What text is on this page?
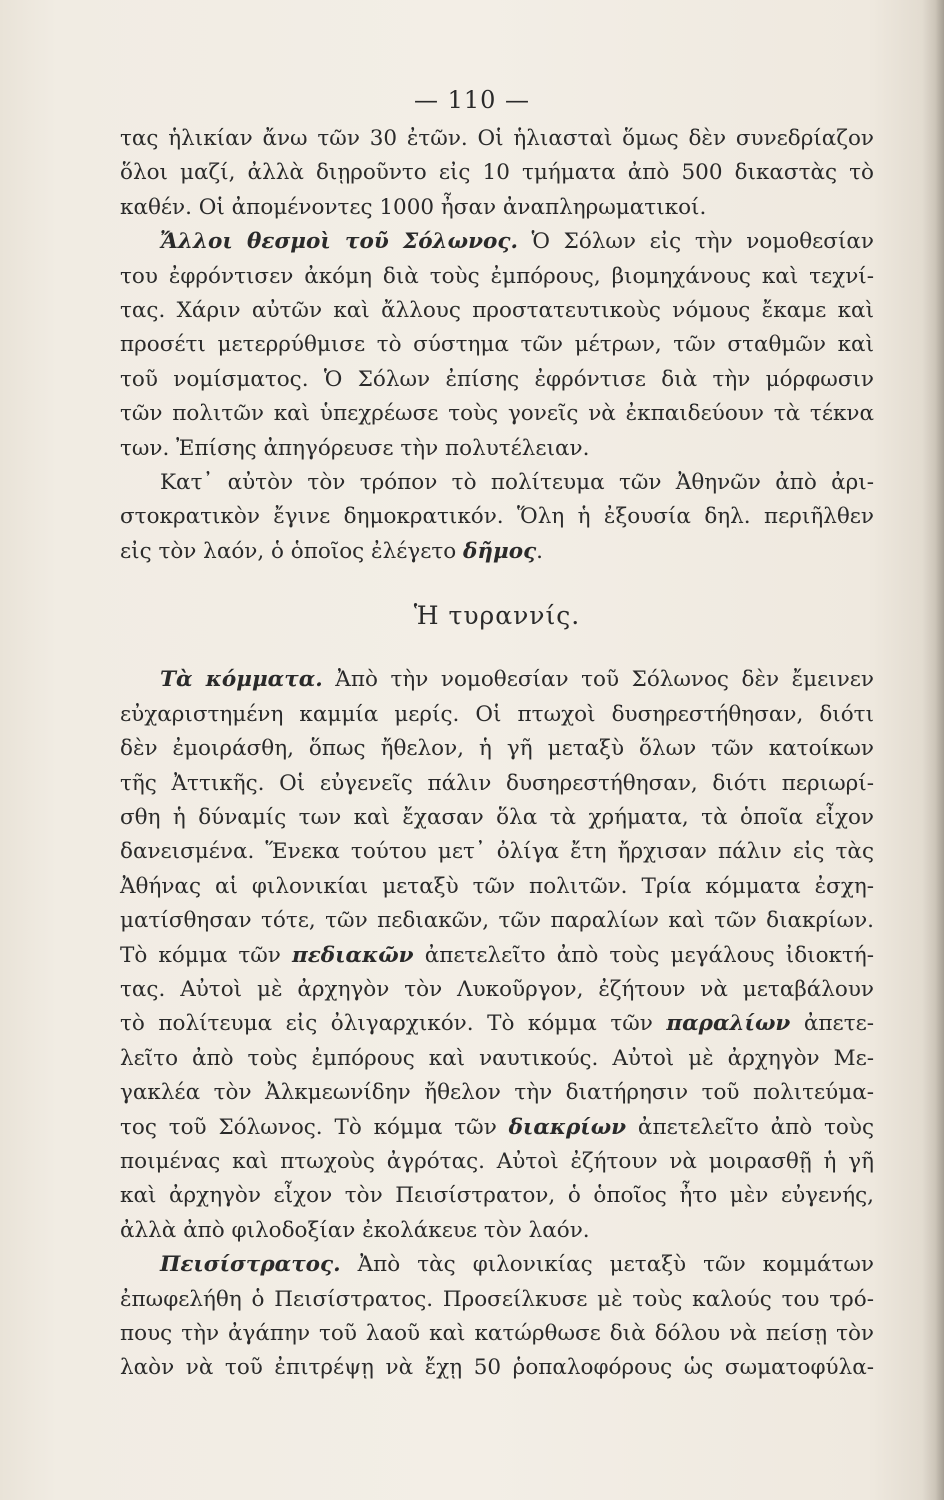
— 110 —
τας ἡλικίαν ἄνω τῶν 30 ἐτῶν. Οἱ ἡλιασταὶ ὅμως δὲν συνεδρίαζον
ὅλοι μαζί, ἀλλὰ διῃροῦντο εἰς 10 τμήματα ἀπὸ 500 δικαστὰς τὸ
καθέν. Οἱ ἀπομένοντες 1000 ἦσαν ἀναπληρωματικοί.
Ἄλλοι θεσμοὶ τοῦ Σόλωνος. Ὁ Σόλων εἰς τὴν νομοθεσίαν
του ἐφρόντισεν ἀκόμη διὰ τοὺς ἐμπόρους, βιομηχάνους καὶ τεχνί-
τας. Χάριν αὐτῶν καὶ ἄλλους προστατευτικοὺς νόμους ἔκαμε καὶ
προσέτι μετερρύθμισε τὸ σύστημα τῶν μέτρων, τῶν σταθμῶν καὶ
τοῦ νομίσματος. Ὁ Σόλων ἐπίσης ἐφρόντισε διὰ τὴν μόρφωσιν
τῶν πολιτῶν καὶ ὑπεχρέωσε τοὺς γονεῖς νὰ ἐκπαιδεύουν τὰ τέκνα
των. Ἐπίσης ἀπηγόρευσε τὴν πολυτέλειαν.
Κατ᾽ αὐτὸν τὸν τρόπον τὸ πολίτευμα τῶν Ἀθηνῶν ἀπὸ ἀρι-
στοκρατικὸν ἔγινε δημοκρατικόν. Ὅλη ἡ ἐξουσία δηλ. περιῆλθεν
εἰς τὸν λαόν, ὁ ὁποῖος ἐλέγετο δῆμος.
Ἡ τυραννίς.
Τὰ κόμματα. Ἀπὸ τὴν νομοθεσίαν τοῦ Σόλωνος δὲν ἔμεινεν
εὐχαριστημένη καμμία μερίς. Οἱ πτωχοὶ δυσηρεστήθησαν, διότι
δὲν ἐμοιράσθη, ὅπως ἤθελον, ἡ γῆ μεταξὺ ὅλων τῶν κατοίκων
τῆς Ἀττικῆς. Οἱ εὐγενεῖς πάλιν δυσηρεστήθησαν, διότι περιωρί-
σθη ἡ δύναμίς των καὶ ἔχασαν ὅλα τὰ χρήματα, τὰ ὁποῖα εἶχον
δανεισμένα. Ἕνεκα τούτου μετ᾽ ὀλίγα ἔτη ἤρχισαν πάλιν εἰς τὰς
Ἀθήνας αἱ φιλονικίαι μεταξὺ τῶν πολιτῶν. Τρία κόμματα ἐσχη-
ματίσθησαν τότε, τῶν πεδιακῶν, τῶν παραλίων καὶ τῶν διακρίων.
Τὸ κόμμα τῶν πεδιακῶν ἀπετελεῖτο ἀπὸ τοὺς μεγάλους ἰδιοκτή-
τας. Αὐτοὶ μὲ ἀρχηγὸν τὸν Λυκοῦργον, ἐζήτουν νὰ μεταβάλουν
τὸ πολίτευμα εἰς ὀλιγαρχικόν. Τὸ κόμμα τῶν παραλίων ἀπετε-
λεῖτο ἀπὸ τοὺς ἐμπόρους καὶ ναυτικούς. Αὐτοὶ μὲ ἀρχηγὸν Με-
γακλέα τὸν Ἀλκμεωνίδην ἤθελον τὴν διατήρησιν τοῦ πολιτεύμα-
τος τοῦ Σόλωνος. Τὸ κόμμα τῶν διακρίων ἀπετελεῖτο ἀπὸ τοὺς
ποιμένας καὶ πτωχοὺς ἀγρότας. Αὐτοὶ ἐζήτουν νὰ μοιρασθῇ ἡ γῆ
καὶ ἀρχηγὸν εἶχον τὸν Πεισίστρατον, ὁ ὁποῖος ἦτο μὲν εὐγενής,
ἀλλὰ ἀπὸ φιλοδοξίαν ἐκολάκευε τὸν λαόν.
Πεισίστρατος. Ἀπὸ τὰς φιλονικίας μεταξὺ τῶν κομμάτων
ἐπωφελήθη ὁ Πεισίστρατος. Προσείλκυσε μὲ τοὺς καλούς του τρό-
πους τὴν ἀγάπην τοῦ λαοῦ καὶ κατώρθωσε διὰ δόλου νὰ πείσῃ τὸν
λαὸν νὰ τοῦ ἐπιτρέψῃ νὰ ἔχῃ 50 ῥοπαλοφόρους ὡς σωματοφύλα-
